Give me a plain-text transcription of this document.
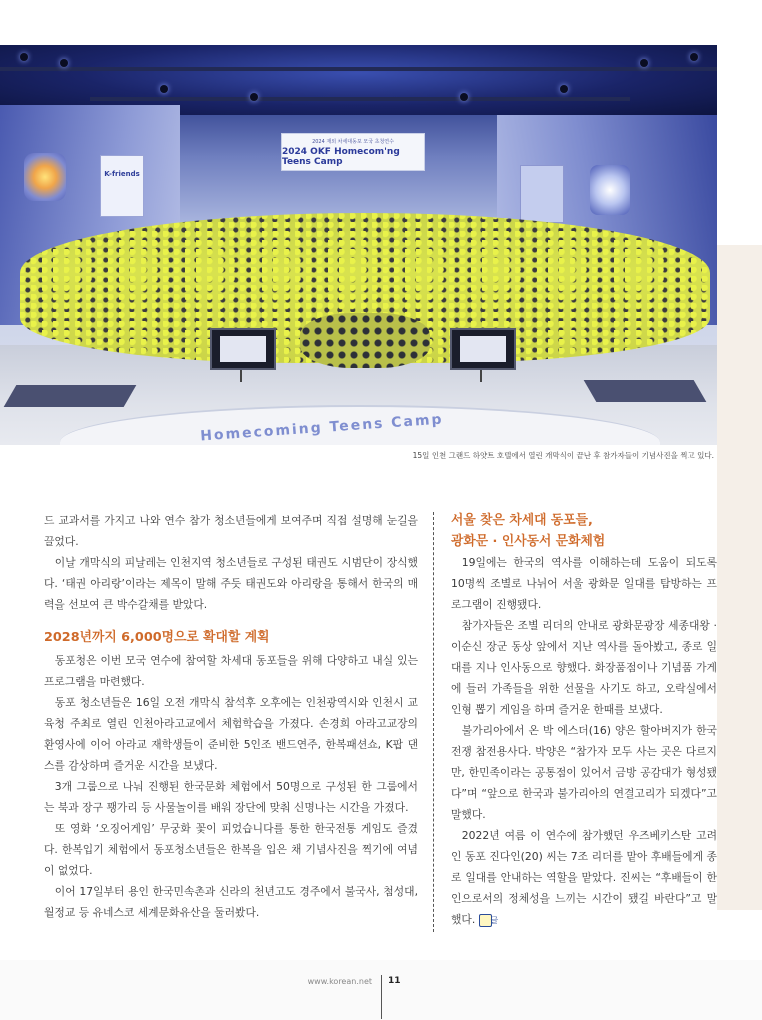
K-friends
2024 재외 차세대동포 모국 초청연수
2024 OKF Homecom'ng Teens Camp
Homecoming Teens Camp
15일 인천 그랜드 하얏트 호텔에서 열린 개막식이 끝난 후 참가자들이 기념사진을 찍고 있다.

드 교과서를 가지고 나와 연수 참가 청소년들에게 보여주며 직접 설명해 눈길을 끌었다.

이날 개막식의 피날레는 인천지역 청소년들로 구성된 태권도 시범단이 장식했다. ‘태권 아리랑’이라는 제목이 말해 주듯 태권도와 아리랑을 통해서 한국의 매력을 선보여 큰 박수갈채를 받았다.

2028년까지 6,000명으로 확대할 계획

동포청은 이번 모국 연수에 참여할 차세대 동포들을 위해 다양하고 내실 있는 프로그램을 마련했다.

동포 청소년들은 16일 오전 개막식 참석후 오후에는 인천광역시와 인천시 교육청 주최로 열린 인천아라고교에서 체험학습을 가졌다. 손경희 아라고교장의 환영사에 이어 아라교 재학생들이 준비한 5인조 밴드연주, 한복패션쇼, K팝 댄스를 감상하며 즐거운 시간을 보냈다.

3개 그룹으로 나눠 진행된 한국문화 체험에서 50명으로 구성된 한 그룹에서는 북과 장구 꽹가리 등 사물놀이를 배워 장단에 맞춰 신명나는 시간을 가졌다.

또 영화 ‘오징어게임’ 무궁화 꽃이 피었습니다를 통한 한국전통 게임도 즐겼다. 한복입기 체험에서 동포청소년들은 한복을 입은 채 기념사진을 찍기에 여념이 없었다.

이어 17일부터 용인 한국민속촌과 신라의 천년고도 경주에서 불국사, 첨성대, 월정교 등 유네스코 세계문화유산을 둘러봤다.

서울 찾은 차세대 동포들,
광화문 · 인사동서 문화체험

19일에는 한국의 역사를 이해하는데 도움이 되도록 10명씩 조별로 나뉘어 서울 광화문 일대를 탐방하는 프로그램이 진행됐다.

참가자들은 조별 리더의 안내로 광화문광장 세종대왕 · 이순신 장군 동상 앞에서 지난 역사를 돌아봤고, 종로 일대를 지나 인사동으로 향했다. 화장품점이나 기념품 가게에 들러 가족들을 위한 선물을 사기도 하고, 오락실에서 인형 뽑기 게임을 하며 즐거운 한때를 보냈다.

불가리아에서 온 박 에스더(16) 양은 할아버지가 한국전쟁 참전용사다. 박양은 “참가자 모두 사는 곳은 다르지만, 한민족이라는 공통점이 있어서 금방 공감대가 형성됐다”며 “앞으로 한국과 불가리아의 연결고리가 되겠다”고 말했다.

2022년 여름 이 연수에 참가했던 우즈베키스탄 고려인 동포 진다인(20) 씨는 7조 리더를 맡아 후배들에게 종로 일대를 안내하는 역할을 맡았다. 진씨는 “후배들이 한인으로서의 정체성을 느끼는 시간이 됐길 바란다”고 말했다. 글

www.korean.net 11
